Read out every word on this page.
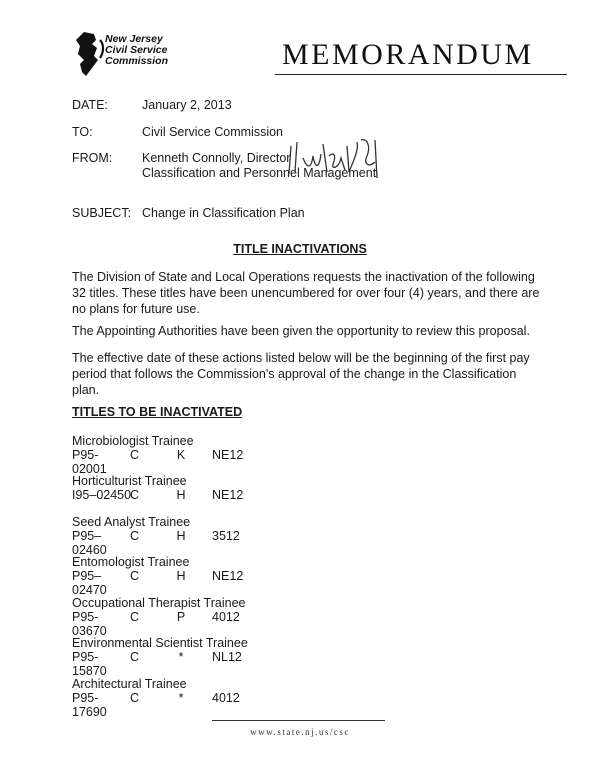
New Jersey
Civil Service
Commission	MEMORANDUM
DATE:	January 2, 2013
TO:	Civil Service Commission
FROM: Kenneth Connolly, Director
Classification and Personnel Management
SUBJECT: Change in Classification Plan
TITLE INACTIVATIONS
The Division of State and Local Operations requests the inactivation of the following 32 titles. These titles have been unencumbered for over four (4) years, and there are no plans for future use.
The Appointing Authorities have been given the opportunity to review this proposal.
The effective date of these actions listed below will be the beginning of the first pay period that follows the Commission's approval of the change in the Classification plan.
TITLES TO BE INACTIVATED
Microbiologist Trainee
P95-02001
C	K NE12
Horticulturist Trainee
I95–02450
C	H NE12
Seed Analyst Trainee
P95–02460
C	H 3512
Entomologist Trainee
P95–02470
C	H NE12
Occupational Therapist Trainee
P95-03670
C	P 4012
Environmental Scientist Trainee
P95-15870
C	*	NL12
Architectural Trainee
P95-17690
C	*	4012
www.state.nj.us/csc
